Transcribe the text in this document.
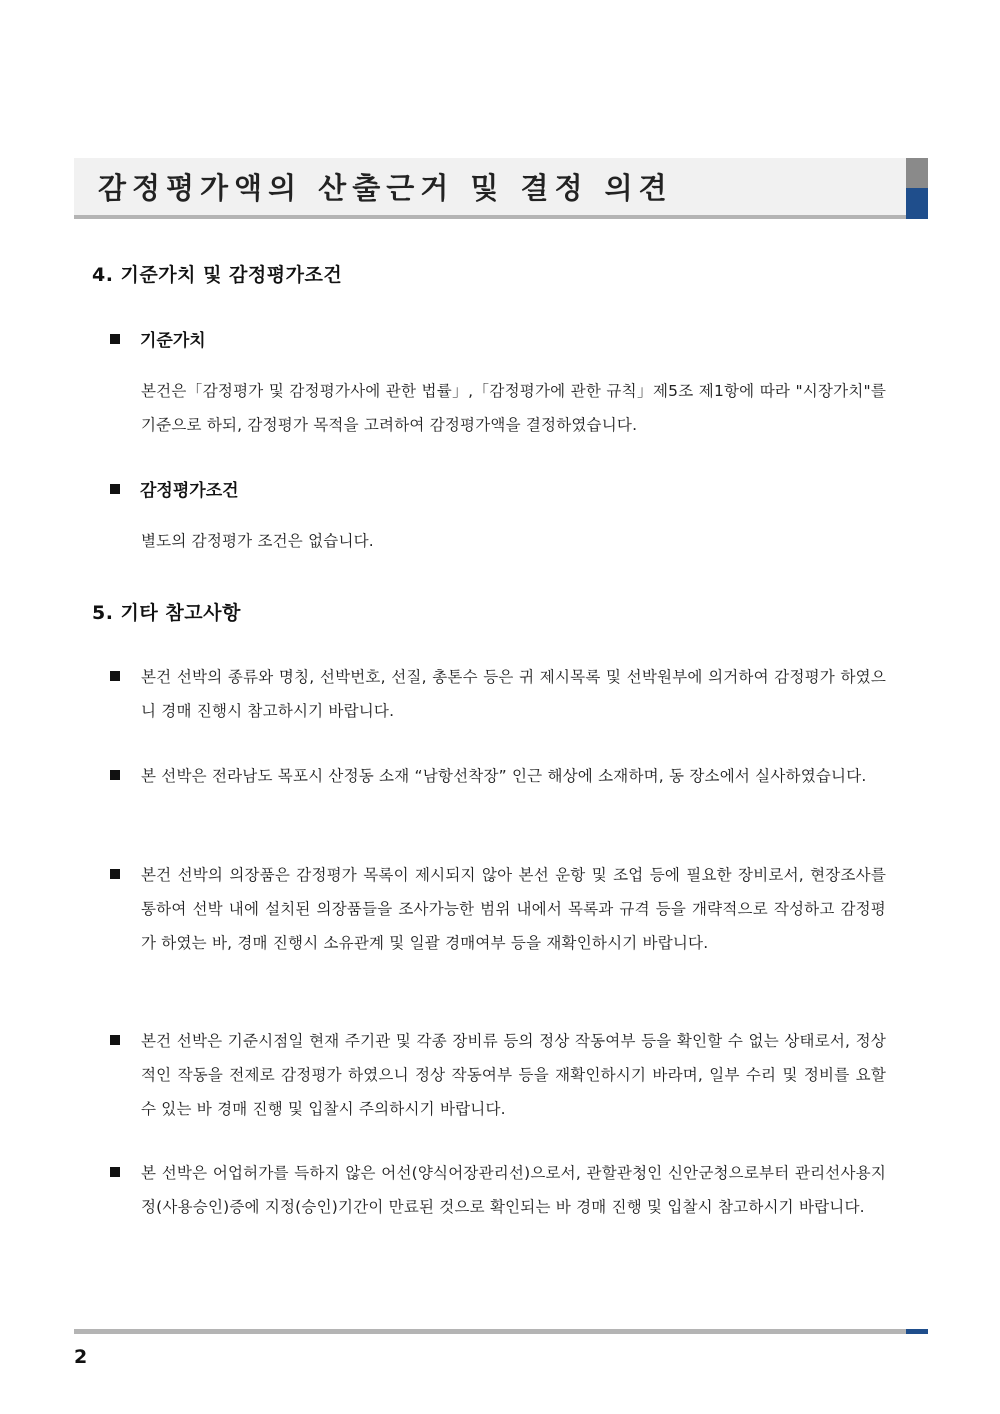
감정평가액의 산출근거 및 결정 의견
4. 기준가치 및 감정평가조건
기준가치
본건은「감정평가 및 감정평가사에 관한 법률」,「감정평가에 관한 규칙」제5조 제1항에 따라 "시장가치"를 기준으로 하되, 감정평가 목적을 고려하여 감정평가액을 결정하였습니다.
감정평가조건
별도의 감정평가 조건은 없습니다.
5. 기타 참고사항
본건 선박의 종류와 명칭, 선박번호, 선질, 총톤수 등은 귀 제시목록 및 선박원부에 의거하여 감정평가 하였으니 경매 진행시 참고하시기 바랍니다.
본 선박은 전라남도 목포시 산정동 소재 “남항선착장” 인근 해상에 소재하며, 동 장소에서 실사하였습니다.
본건 선박의 의장품은 감정평가 목록이 제시되지 않아 본선 운항 및 조업 등에 필요한 장비로서, 현장조사를 통하여 선박 내에 설치된 의장품들을 조사가능한 범위 내에서 목록과 규격 등을 개략적으로 작성하고 감정평가 하였는 바, 경매 진행시 소유관계 및 일괄 경매여부 등을 재확인하시기 바랍니다.
본건 선박은 기준시점일 현재 주기관 및 각종 장비류 등의 정상 작동여부 등을 확인할 수 없는 상태로서, 정상적인 작동을 전제로 감정평가 하였으니 정상 작동여부 등을 재확인하시기 바라며, 일부 수리 및 정비를 요할 수 있는 바 경매 진행 및 입찰시 주의하시기 바랍니다.
본 선박은 어업허가를 득하지 않은 어선(양식어장관리선)으로서, 관할관청인 신안군청으로부터 관리선사용지정(사용승인)증에 지정(승인)기간이 만료된 것으로 확인되는 바 경매 진행 및 입찰시 참고하시기 바랍니다.
2
